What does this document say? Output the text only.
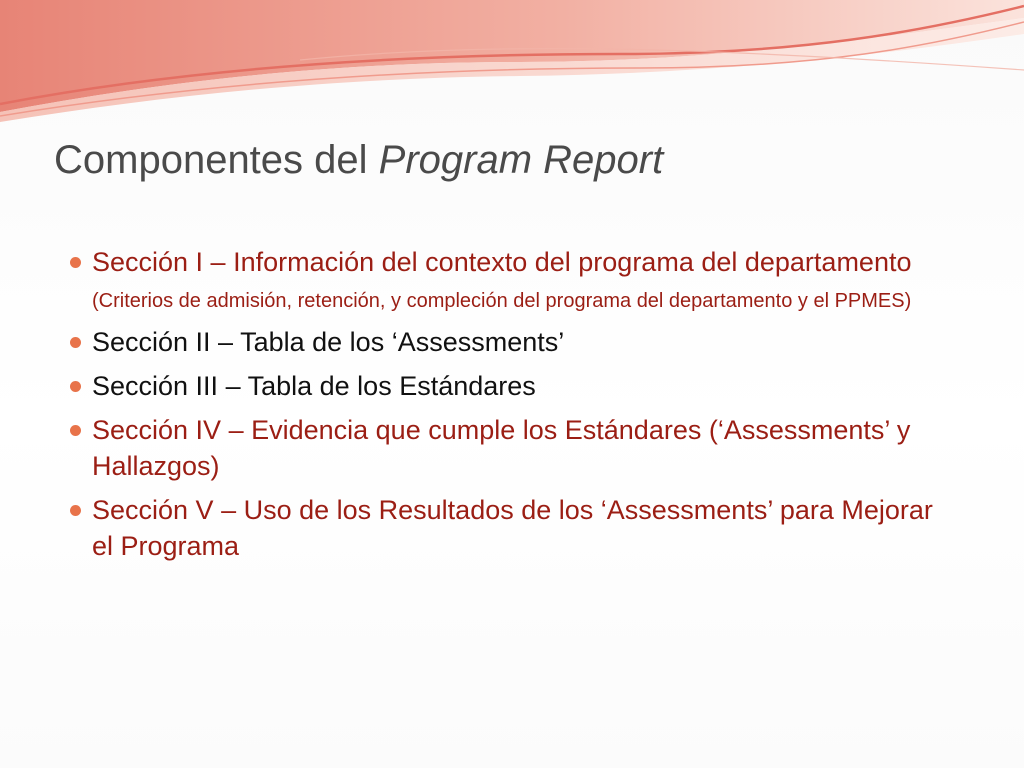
Componentes del Program Report
Sección I – Información del contexto del programa del departamento (Criterios de admisión, retención, y compleción del programa del departamento y el PPMES)
Sección II – Tabla de los ‘Assessments’
Sección III – Tabla de los Estándares
Sección IV – Evidencia que cumple los Estándares (‘Assessments’ y Hallazgos)
Sección V – Uso de los Resultados de los ‘Assessments’ para Mejorar el Programa
